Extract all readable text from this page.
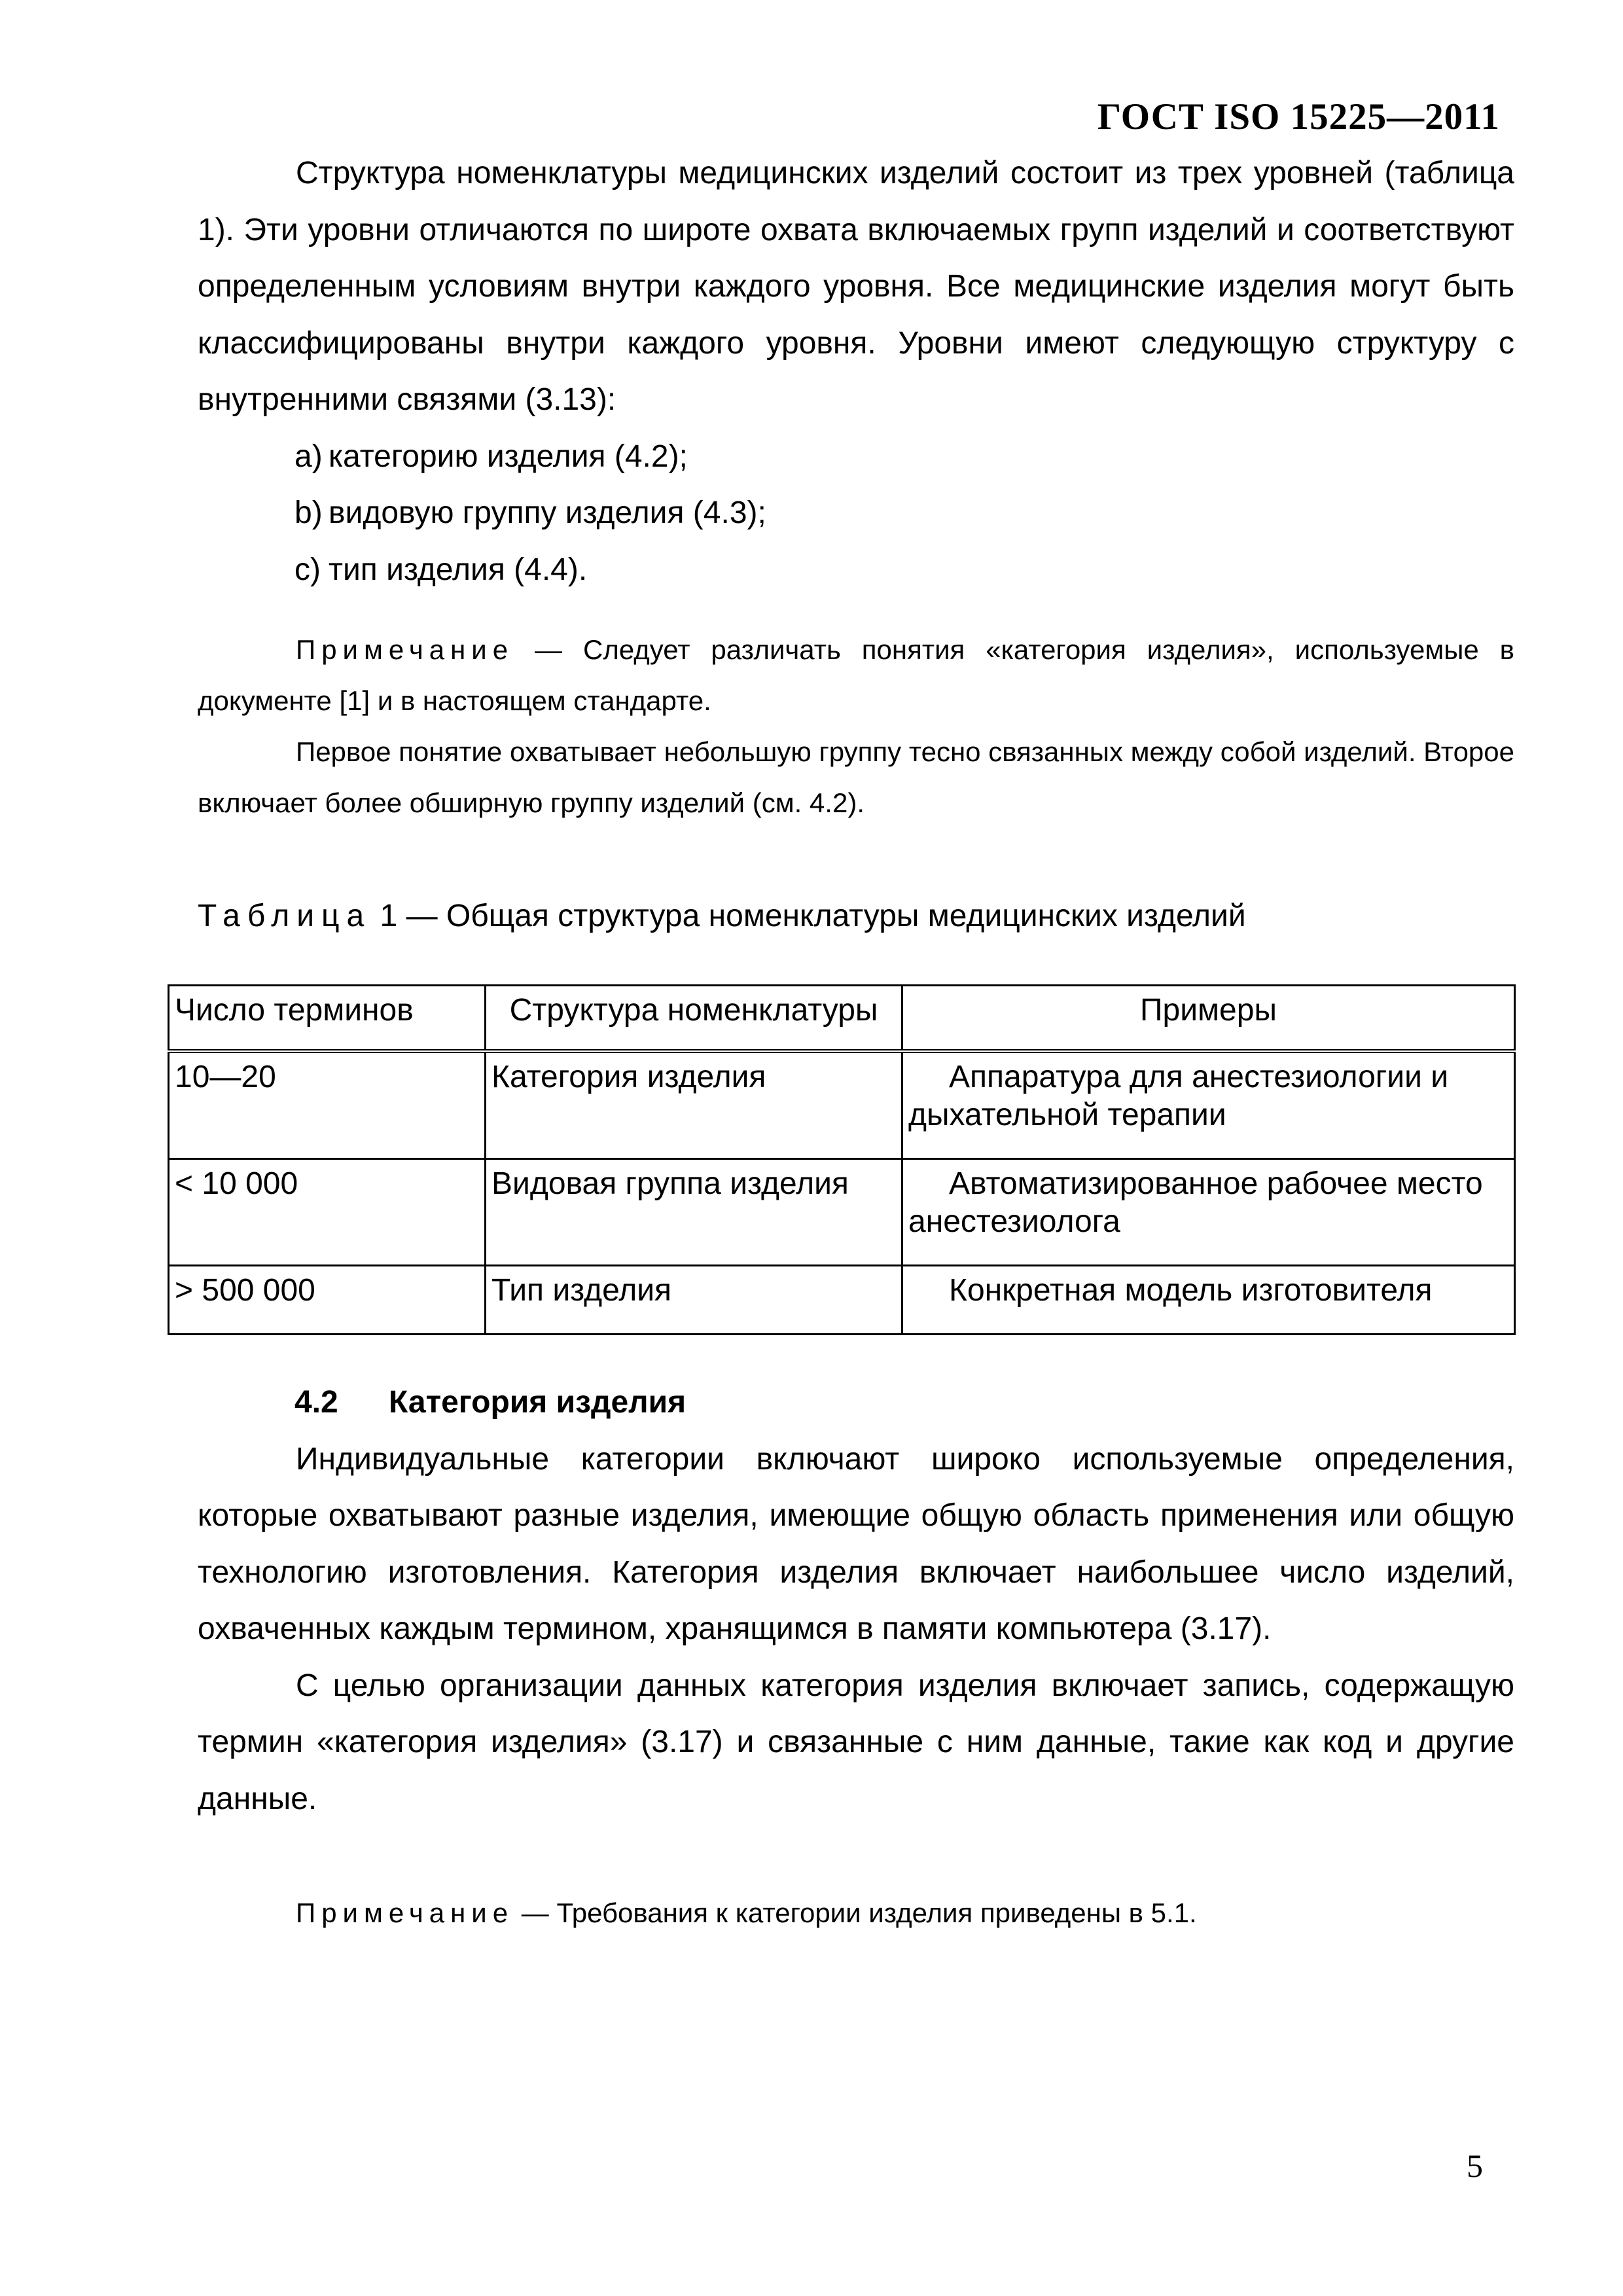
ГОСТ ISO 15225—2011

Структура номенклатуры медицинских изделий состоит из трех уровней (таблица 1). Эти уровни отличаются по широте охвата включаемых групп изделий и соответствуют определенным условиям внутри каждого уровня. Все медицинские изделия могут быть классифицированы внутри каждого уровня. Уровни имеют следующую структуру с внутренними связями (3.13):

a) категорию изделия (4.2);
b) видовую группу изделия (4.3);
c) тип изделия (4.4).

Примечание — Следует различать понятия «категория изделия», используемые в документе [1] и в настоящем стандарте.

Первое понятие охватывает небольшую группу тесно связанных между собой изделий. Второе включает более обширную группу изделий (см. 4.2).

Таблица 1 — Общая структура номенклатуры медицинских изделий

Число терминов	Структура номенклатуры	Примеры
10—20	Категория изделия	Аппаратура для анестезиологии и дыхательной терапии
< 10 000	Видовая группа изделия	Автоматизированное рабочее место анестезиолога
> 500 000	Тип изделия	Конкретная модель изготовителя
4.2 Категория изделия

Индивидуальные категории включают широко используемые определения, которые охватывают разные изделия, имеющие общую область применения или общую технологию изготовления. Категория изделия включает наибольшее число изделий, охваченных каждым термином, хранящимся в памяти компьютера (3.17).

С целью организации данных категория изделия включает запись, содержащую термин «категория изделия» (3.17) и связанные с ним данные, такие как код и другие данные.

Примечание — Требования к категории изделия приведены в 5.1.

5
